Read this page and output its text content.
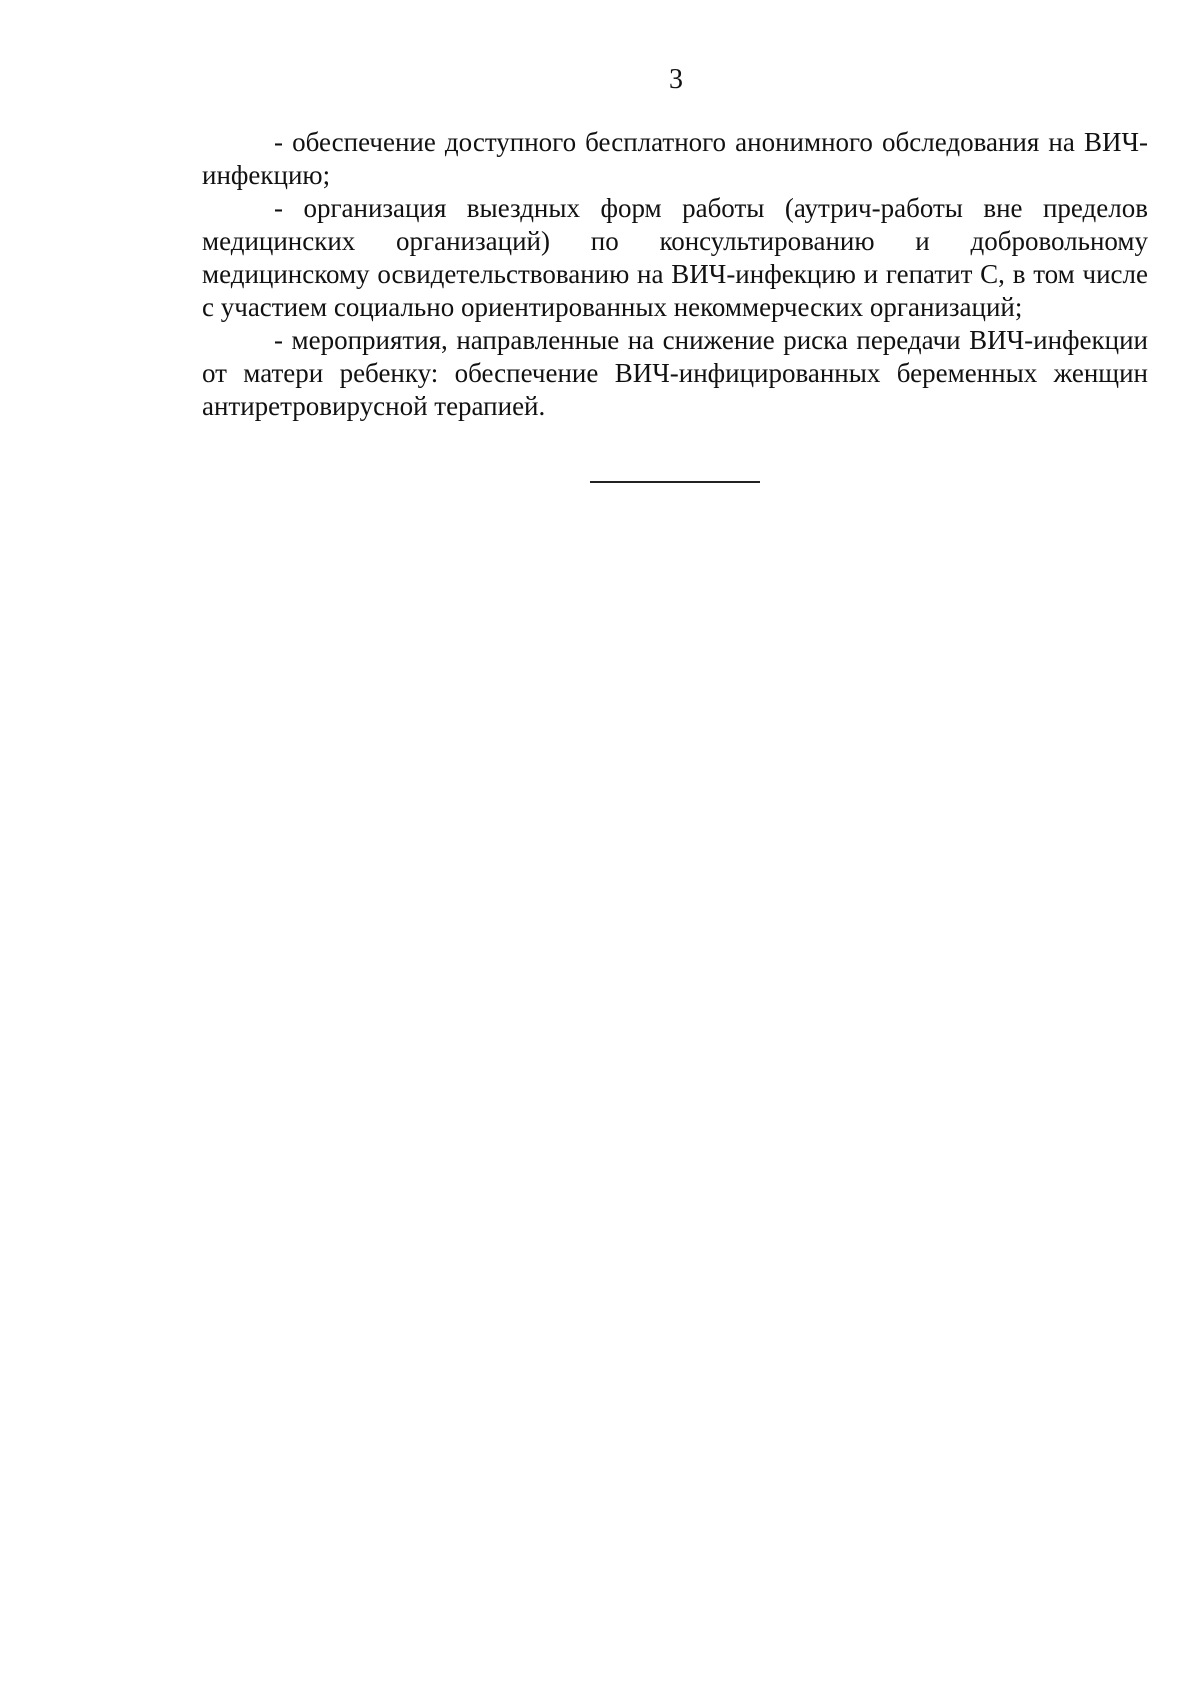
3

- обеспечение доступного бесплатного анонимного обследования на ВИЧ-инфекцию;

- организация выездных форм работы (аутрич-работы вне пределов медицинских организаций) по консультированию и добровольному медицинскому освидетельствованию на ВИЧ-инфекцию и гепатит С, в том числе с участием социально ориентированных некоммерческих организаций;

- мероприятия, направленные на снижение риска передачи ВИЧ-инфекции от матери ребенку: обеспечение ВИЧ-инфицированных беременных женщин антиретровирусной терапией.
